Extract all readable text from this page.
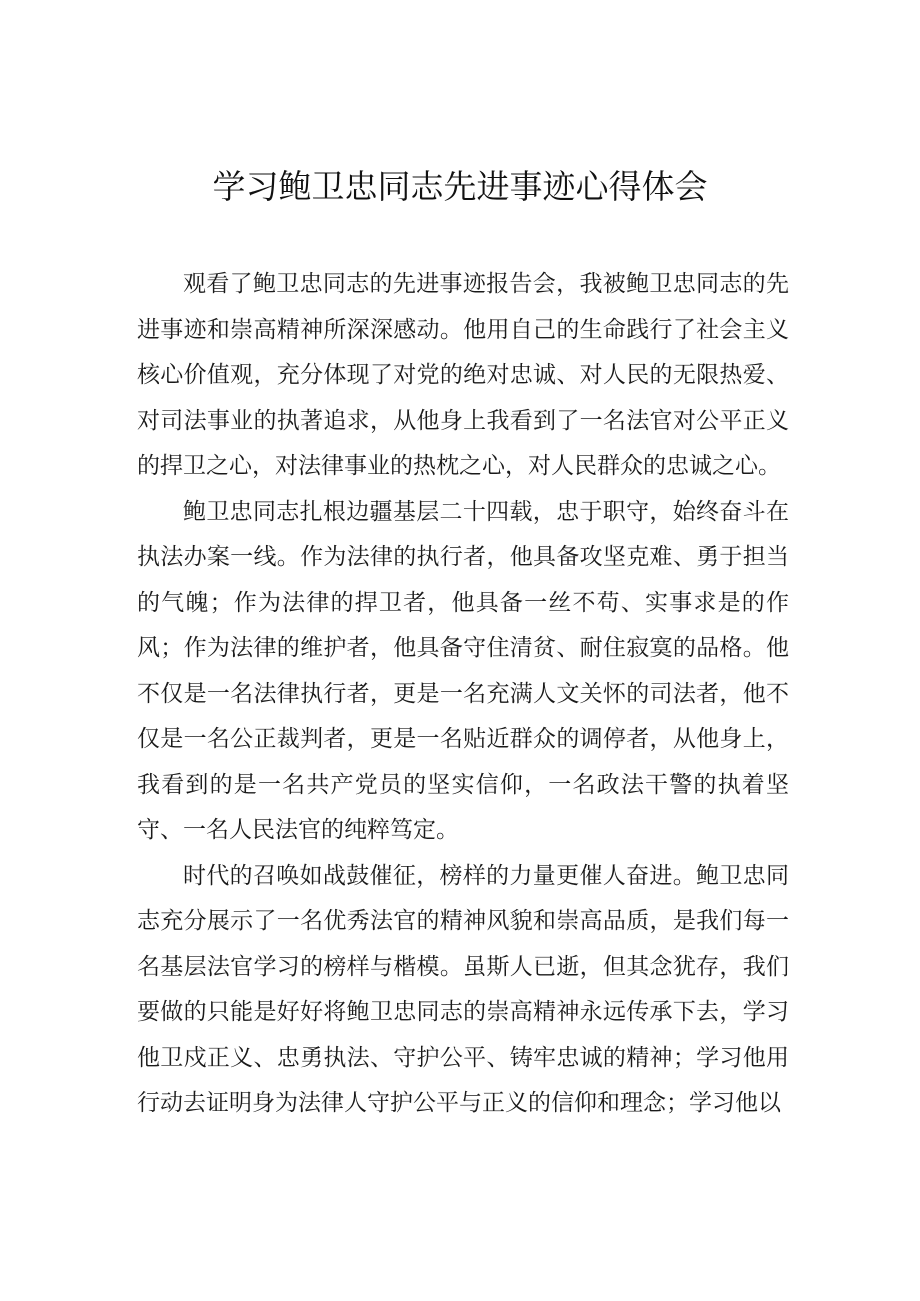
学习鲍卫忠同志先进事迹心得体会

观看了鲍卫忠同志的先进事迹报告会，我被鲍卫忠同志的先进事迹和崇高精神所深深感动。他用自己的生命践行了社会主义核心价值观，充分体现了对党的绝对忠诚、对人民的无限热爱、对司法事业的执著追求，从他身上我看到了一名法官对公平正义的捍卫之心，对法律事业的热枕之心，对人民群众的忠诚之心。

鲍卫忠同志扎根边疆基层二十四载，忠于职守，始终奋斗在执法办案一线。作为法律的执行者，他具备攻坚克难、勇于担当的气魄；作为法律的捍卫者，他具备一丝不苟、实事求是的作风；作为法律的维护者，他具备守住清贫、耐住寂寞的品格。他不仅是一名法律执行者，更是一名充满人文关怀的司法者，他不仅是一名公正裁判者，更是一名贴近群众的调停者，从他身上，我看到的是一名共产党员的坚实信仰，一名政法干警的执着坚守、一名人民法官的纯粹笃定。

时代的召唤如战鼓催征，榜样的力量更催人奋进。鲍卫忠同志充分展示了一名优秀法官的精神风貌和崇高品质，是我们每一名基层法官学习的榜样与楷模。虽斯人已逝，但其念犹存，我们要做的只能是好好将鲍卫忠同志的崇高精神永远传承下去，学习他卫戍正义、忠勇执法、守护公平、铸牢忠诚的精神；学习他用行动去证明身为法律人守护公平与正义的信仰和理念；学习他以
